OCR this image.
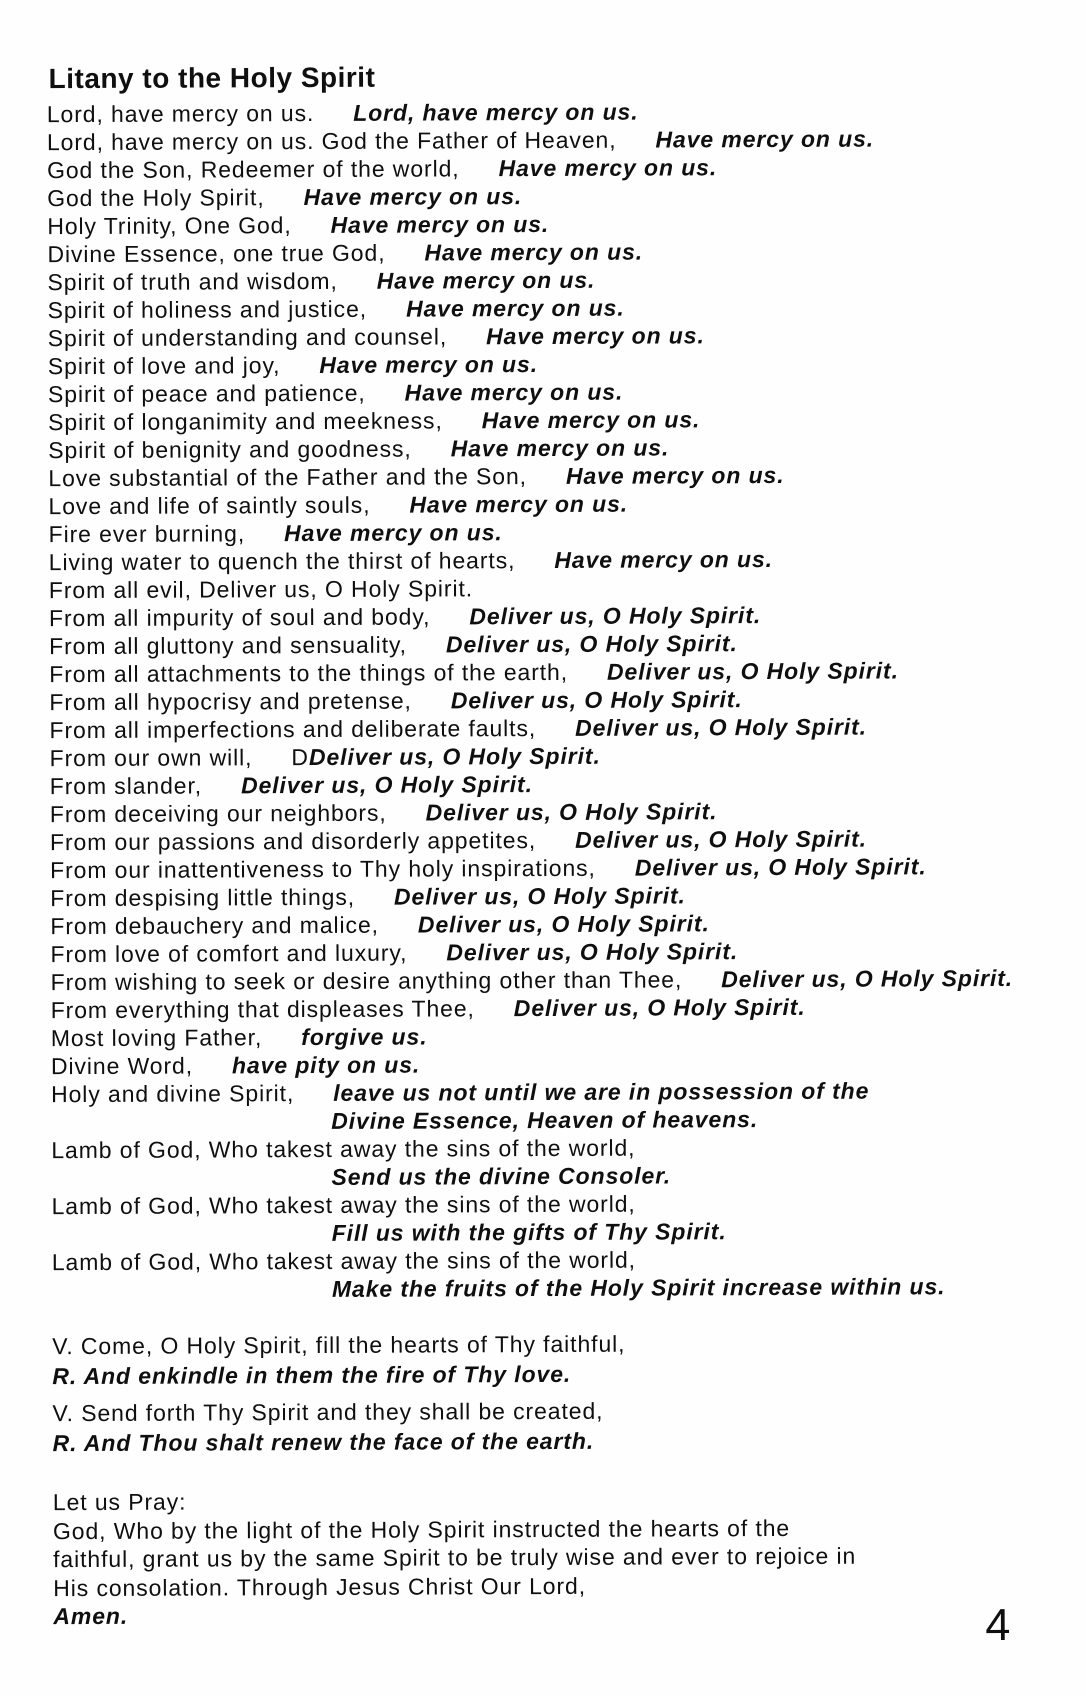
Litany to the Holy Spirit
Lord, have mercy on us. Lord, have mercy on us.
Lord, have mercy on us. God the Father of Heaven, Have mercy on us.
God the Son, Redeemer of the world, Have mercy on us.
God the Holy Spirit, Have mercy on us.
Holy Trinity, One God, Have mercy on us.
Divine Essence, one true God, Have mercy on us.
Spirit of truth and wisdom, Have mercy on us.
Spirit of holiness and justice, Have mercy on us.
Spirit of understanding and counsel, Have mercy on us.
Spirit of love and joy, Have mercy on us.
Spirit of peace and patience, Have mercy on us.
Spirit of longanimity and meekness, Have mercy on us.
Spirit of benignity and goodness, Have mercy on us.
Love substantial of the Father and the Son, Have mercy on us.
Love and life of saintly souls, Have mercy on us.
Fire ever burning, Have mercy on us.
Living water to quench the thirst of hearts, Have mercy on us.
From all evil, Deliver us, O Holy Spirit.
From all impurity of soul and body, Deliver us, O Holy Spirit.
From all gluttony and sensuality, Deliver us, O Holy Spirit.
From all attachments to the things of the earth, Deliver us, O Holy Spirit.
From all hypocrisy and pretense, Deliver us, O Holy Spirit.
From all imperfections and deliberate faults, Deliver us, O Holy Spirit.
From our own will, DDeliver us, O Holy Spirit.
From slander, Deliver us, O Holy Spirit.
From deceiving our neighbors, Deliver us, O Holy Spirit.
From our passions and disorderly appetites, Deliver us, O Holy Spirit.
From our inattentiveness to Thy holy inspirations, Deliver us, O Holy Spirit.
From despising little things, Deliver us, O Holy Spirit.
From debauchery and malice, Deliver us, O Holy Spirit.
From love of comfort and luxury, Deliver us, O Holy Spirit.
From wishing to seek or desire anything other than Thee, Deliver us, O Holy Spirit.
From everything that displeases Thee, Deliver us, O Holy Spirit.
Most loving Father, forgive us.
Divine Word, have pity on us.
Holy and divine Spirit, leave us not until we are in possession of the
Divine Essence, Heaven of heavens.
Lamb of God, Who takest away the sins of the world,
Send us the divine Consoler.
Lamb of God, Who takest away the sins of the world,
Fill us with the gifts of Thy Spirit.
Lamb of God, Who takest away the sins of the world,
Make the fruits of the Holy Spirit increase within us.
V. Come, O Holy Spirit, fill the hearts of Thy faithful,
R. And enkindle in them the fire of Thy love.
V. Send forth Thy Spirit and they shall be created,
R. And Thou shalt renew the face of the earth.
Let us Pray:
God, Who by the light of the Holy Spirit instructed the hearts of the
faithful, grant us by the same Spirit to be truly wise and ever to rejoice in
His consolation. Through Jesus Christ Our Lord,
Amen.	4
